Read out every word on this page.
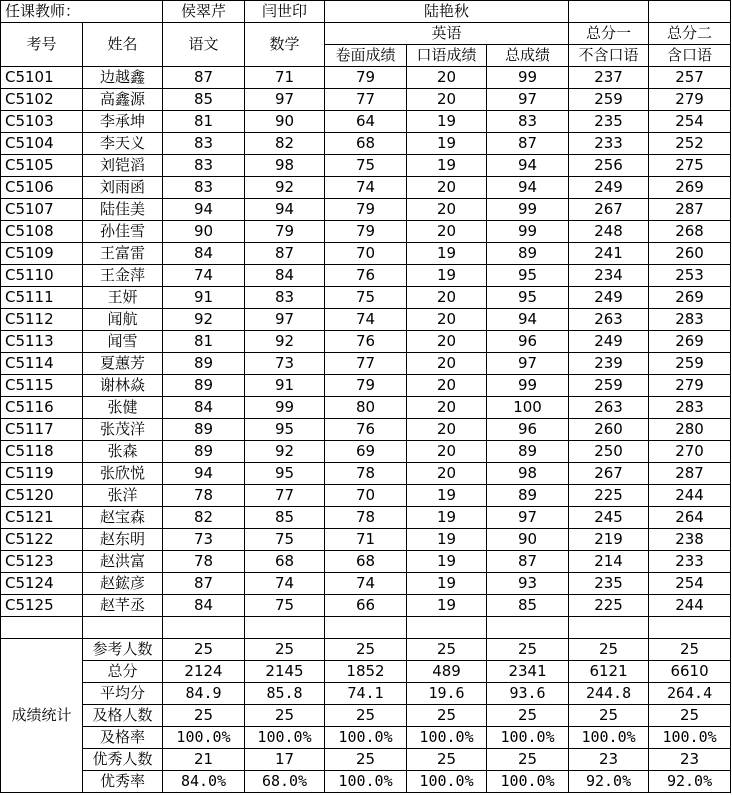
任课教师：		侯翠芹	闫世印	陆艳秋				
考号	姓名	语文	数学	英语			总分一	总分二
				卷面成绩	口语成绩	总成绩	不含口语	含口语
C5101	边越鑫	87	71	79	20	99	237	257
C5102	高鑫源	85	97	77	20	97	259	279
C5103	李承坤	81	90	64	19	83	235	254
C5104	李天义	83	82	68	19	87	233	252
C5105	刘铠滔	83	98	75	19	94	256	275
C5106	刘雨函	83	92	74	20	94	249	269
C5107	陆佳美	94	94	79	20	99	267	287
C5108	孙佳雪	90	79	79	20	99	248	268
C5109	王富雷	84	87	70	19	89	241	260
C5110	王金萍	74	84	76	19	95	234	253
C5111	王妍	91	83	75	20	95	249	269
C5112	闻航	92	97	74	20	94	263	283
C5113	闻雪	81	92	76	20	96	249	269
C5114	夏蕙芳	89	73	77	20	97	239	259
C5115	谢林焱	89	91	79	20	99	259	279
C5116	张健	84	99	80	20	100	263	283
C5117	张茂洋	89	95	76	20	96	260	280
C5118	张森	89	92	69	20	89	250	270
C5119	张欣悦	94	95	78	20	98	267	287
C5120	张洋	78	77	70	19	89	225	244
C5121	赵宝森	82	85	78	19	97	245	264
C5122	赵东明	73	75	71	19	90	219	238
C5123	赵洪富	78	68	68	19	87	214	233
C5124	赵鋐彦	87	74	74	19	93	235	254
C5125	赵芊丞	84	75	66	19	85	225	244

成绩统计	参考人数	25	25	25	25	25	25	25
	总分	2124	2145	1852	489	2341	6121	6610
	平均分	84.9	85.8	74.1	19.6	93.6	244.8	264.4
	及格人数	25	25	25	25	25	25	25
	及格率	100.0%	100.0%	100.0%	100.0%	100.0%	100.0%	100.0%
	优秀人数	21	17	25	25	25	23	23
	优秀率	84.0%	68.0%	100.0%	100.0%	100.0%	92.0%	92.0%
